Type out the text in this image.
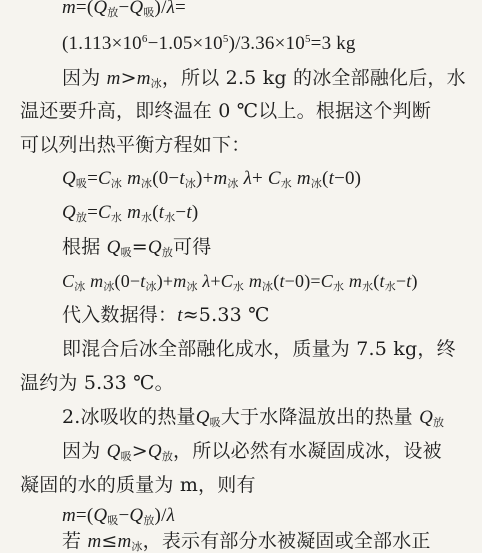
$m=(Q_放-Q_吸)/\lambda=$
$(1.113\times 10^6-1.05\times 10^5)/3.36\times 10^5=3$ kg
因为 $m>m_冰$，所以 2.5 kg 的冰全部融化后，水
温还要升高，即终温在 0 ℃以上。根据这个判断
可以列出热平衡方程如下：
$Q_吸=C_冰$ $m_冰(0-t_冰)+m_冰$ $\lambda+ C_水$ $m_冰(t-0)$
$Q_放=C_水$ $m_水(t_水-t)$
根据 $Q_吸=Q_放$可得
$C_冰$ $m_冰(0-t_冰)+m_冰$ $\lambda+C_水$ $m_冰(t-0)=C_水$ $m_水(t_水-t)$
代入数据得：t≈5.33 ℃
即混合后冰全部融化成水，质量为 7.5 kg，终
温约为 5.33 ℃。
2.冰吸收的热量$Q_吸$大于水降温放出的热量 $Q_放$
因为 $Q_吸>Q_放$，所以必然有水凝固成冰，设被
凝固的水的质量为 m，则有
$m=(Q_吸-Q_放)/\lambda$
若 $m\le m_冰$，表示有部分水被凝固或全部水正
